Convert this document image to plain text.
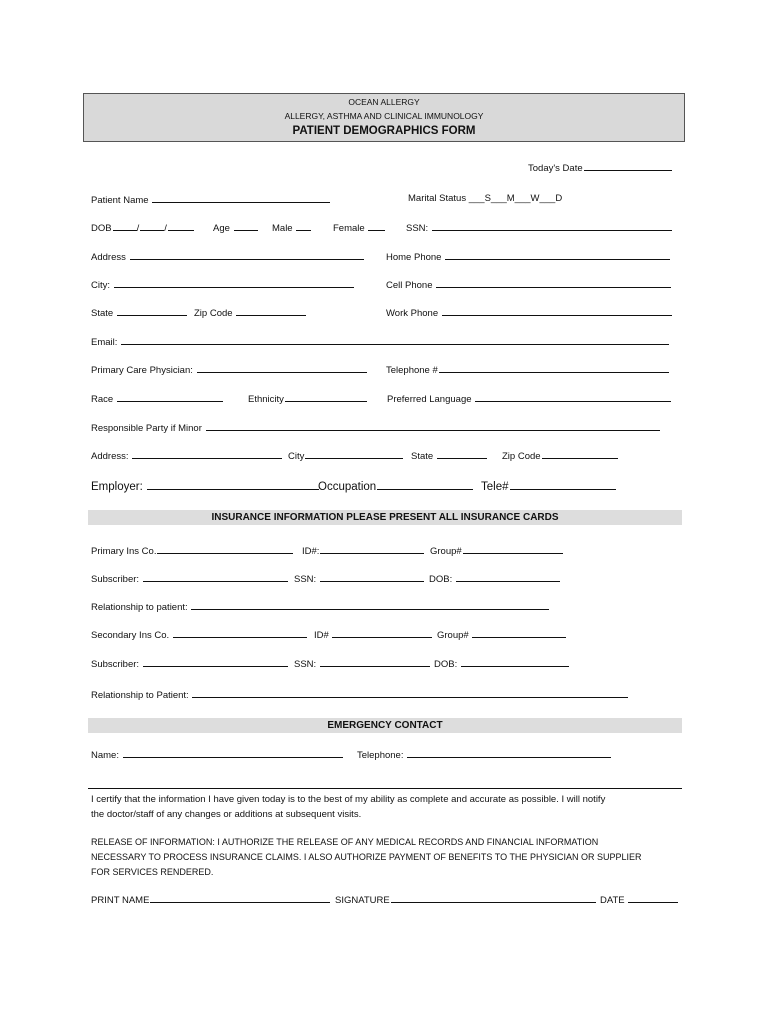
OCEAN ALLERGY
ALLERGY, ASTHMA AND CLINICAL IMMUNOLOGY
PATIENT DEMOGRAPHICS FORM
Today's Date
Patient Name	Marital Status ___S___M___W___D
DOB	/	/	Age	Male	Female	SSN:
Address	Home Phone
City:	Cell Phone
State	Zip Code	Work Phone
Email:
Primary Care Physician:	Telephone #
Race	Ethnicity	Preferred Language
Responsible Party if Minor
Address:	City	State	Zip Code
Employer:	Occupation	Tele#
INSURANCE INFORMATION PLEASE PRESENT ALL INSURANCE CARDS
Primary Ins Co.	ID#:	Group#
Subscriber:	SSN:	DOB:
Relationship to patient:
Secondary Ins Co.	ID#	Group#
Subscriber:	SSN:	DOB:
Relationship to Patient:
EMERGENCY CONTACT
Name:	Telephone:
I certify that the information I have given today is to the best of my ability as complete and accurate as possible. I will notify
the doctor/staff of any changes or additions at subsequent visits.
RELEASE OF INFORMATION: I AUTHORIZE THE RELEASE OF ANY MEDICAL RECORDS AND FINANCIAL INFORMATION
NECESSARY TO PROCESS INSURANCE CLAIMS. I ALSO AUTHORIZE PAYMENT OF BENEFITS TO THE PHYSICIAN OR SUPPLIER
FOR SERVICES RENDERED.
PRINT NAME	SIGNATURE	DATE
